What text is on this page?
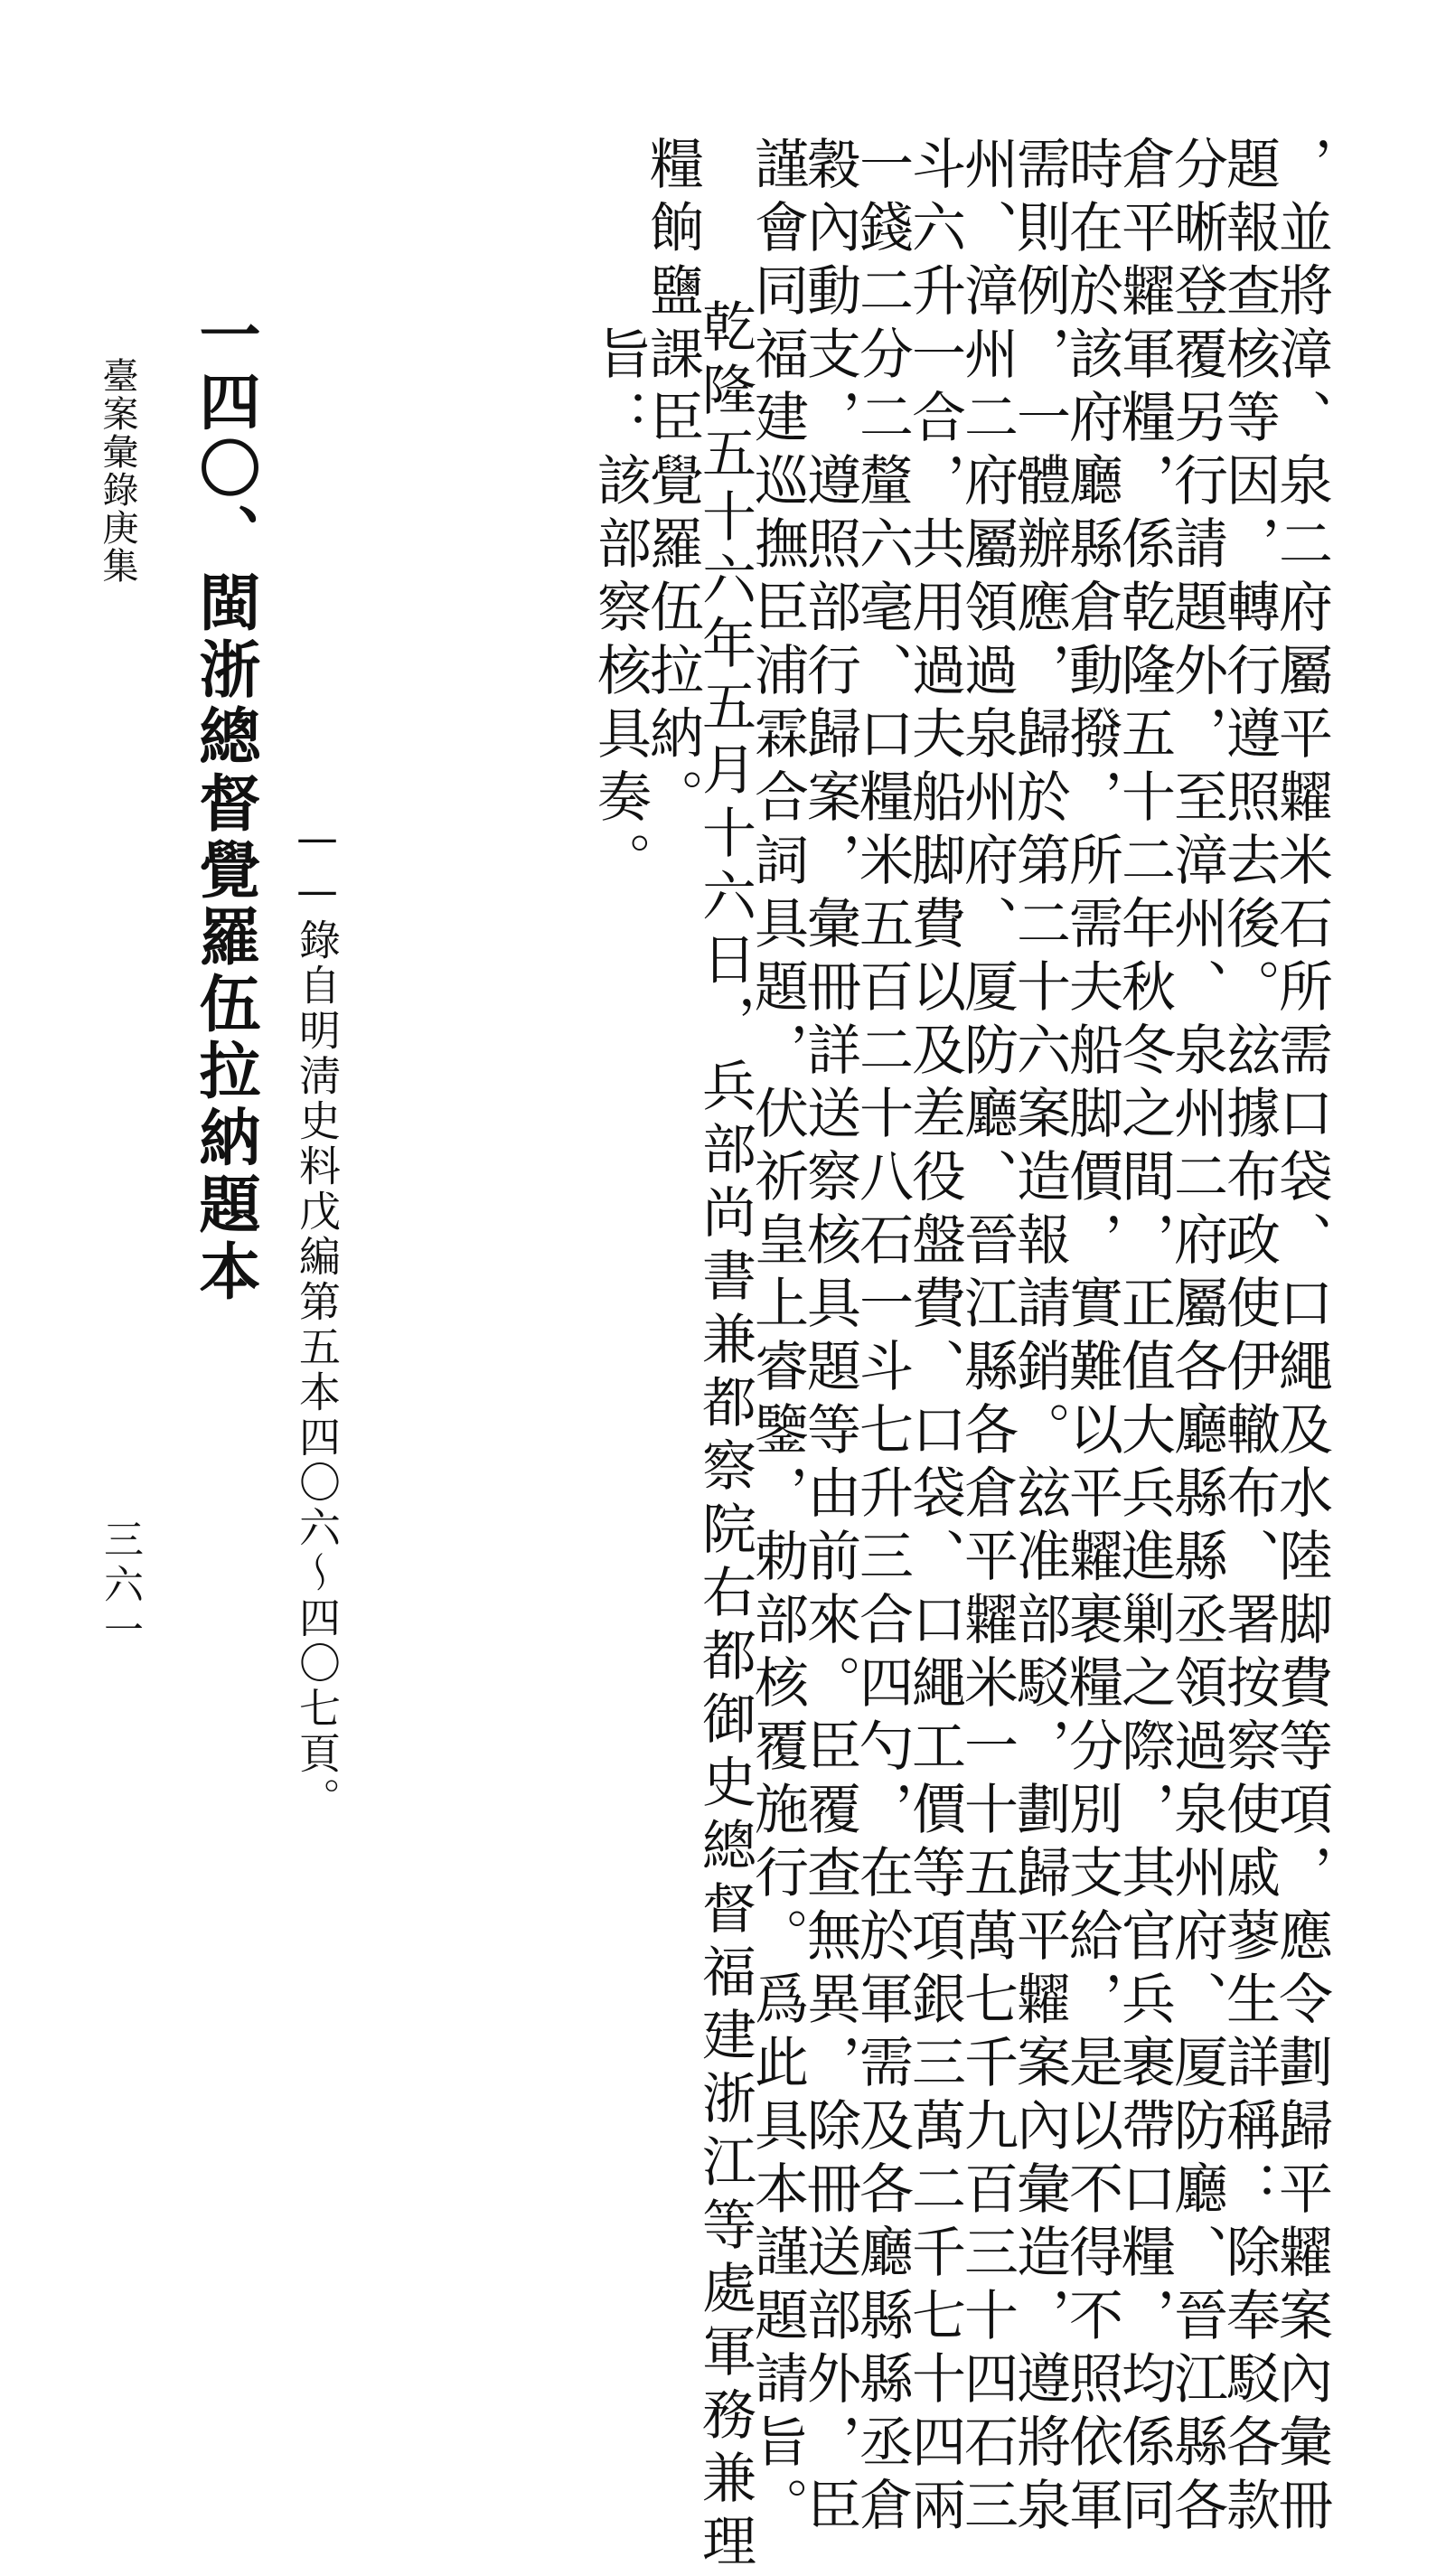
，並將漳、泉二府屬平糶米石所需口袋、口繩及水陸脚費等項，應令劃歸平糶案內彙冊
題報查核等因，轉行遵照去後。玆據布政使伊轍布、署按察使戚蓼生詳稱：除奉駁各款
分晰登覆另行請題外，至漳州、泉州二府屬各廳縣縣丞領過泉州府、厦防廳、晉江縣各
倉平糶軍糧，係乾隆五十二年秋冬之間，正值大兵進剿之際，其官兵裹帶口糧，均係同
時在於該府廳縣倉動撥，所需夫船脚價，實難以平糶裹糧分別支給，是以不得不照依軍
需則例，一體辦應，歸於第二十六案造報請銷。玆准部駁，劃歸平糶案內彙造，遵將泉
州、漳州二府屬領過泉州府、厦防廳、晉江縣各倉平糶米一十五萬七千九百三十四石三
斗六升一合，共用過夫船脚費以及差役盤費、口袋、口繩工價等項銀三萬二千七十四兩
一錢二分二釐六毫、口糧米五百二十八石一斗七升三合四勺，在於軍需及各廳縣縣丞倉
穀內動支，遵照部行歸案，彙冊詳送察核具題等由前來。臣覆查無異，除冊送部外，臣
謹會同福建巡撫臣浦霖合詞具題，伏祈皇上睿鑒，勅部核覆施行。爲此具本謹題請旨。
乾隆五十六年五月十六日，兵部尚書兼都察院右都御史總督福建浙江等處軍務兼理
糧餉鹽課臣覺羅伍拉納。
旨：該部察核具奏。
——錄自明淸史料戊編第五本四〇六～四〇七頁。
一四〇、閩浙總督覺羅伍拉納題本
臺案彙錄庚集
三六一
